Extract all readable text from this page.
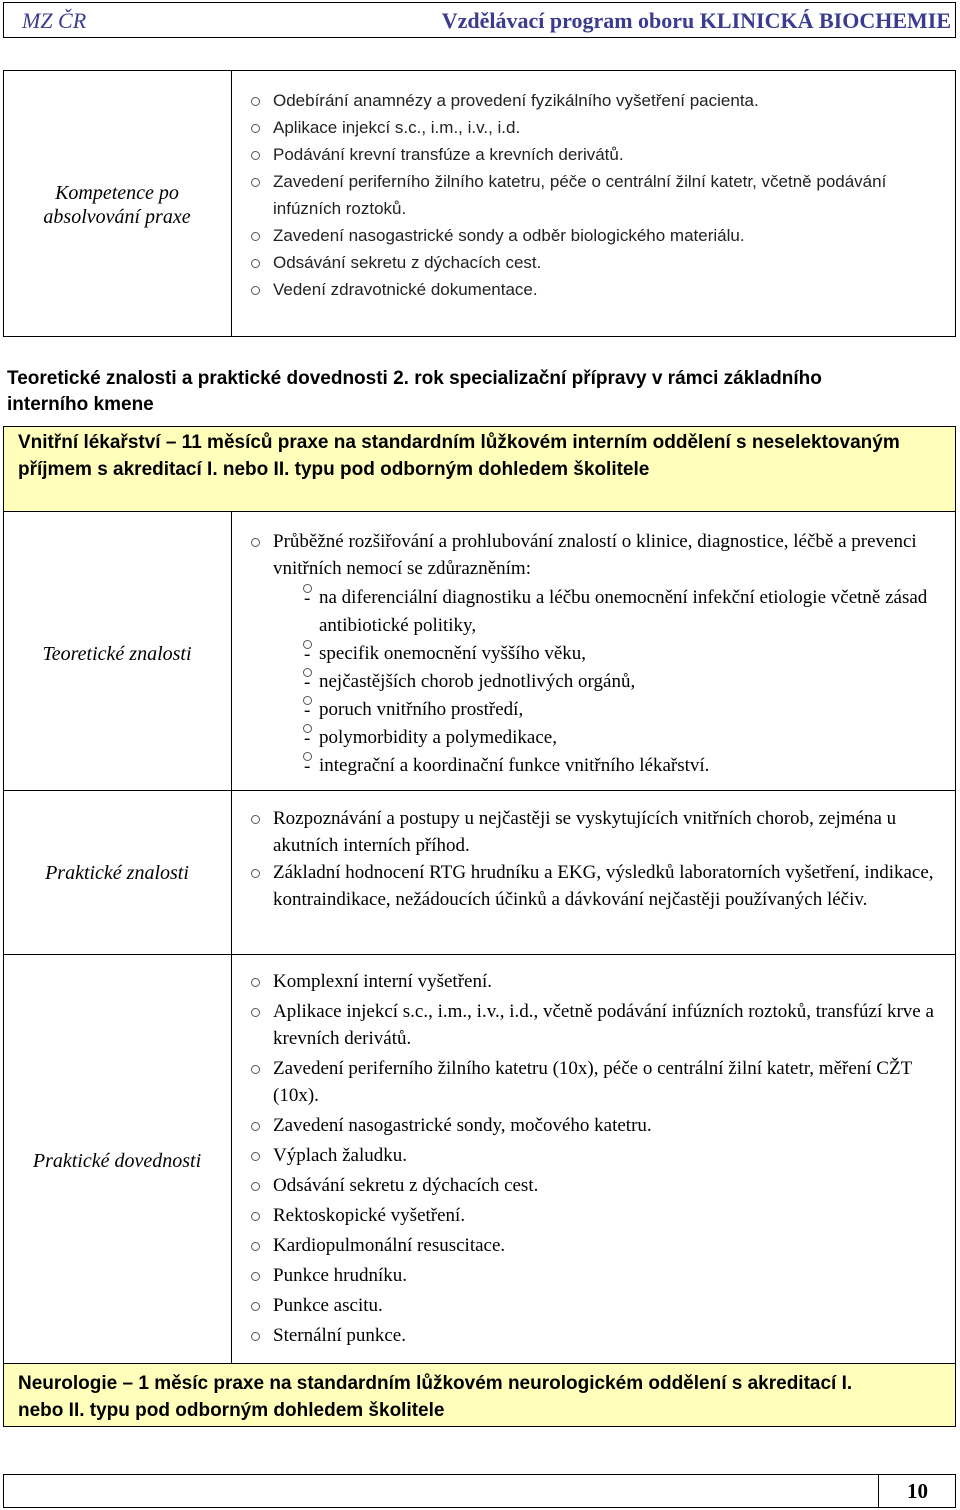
MZ ČR	Vzdělávací program oboru KLINICKÁ BIOCHEMIE
Kompetence po absolvování praxe
Odebírání anamnézy a provedení fyzikálního vyšetření pacienta.
Aplikace injekcí s.c., i.m., i.v., i.d.
Podávání krevní transfúze a krevních derivátů.
Zavedení periferního žilního katetru, péče o centrální žilní katetr, včetně podávání infúzních roztoků.
Zavedení nasogastrické sondy a odběr biologického materiálu.
Odsávání sekretu z dýchacích cest.
Vedení zdravotnické dokumentace.
Teoretické znalosti a praktické dovednosti 2. rok specializační přípravy v rámci základního interního kmene
Vnitřní lékařství – 11 měsíců praxe na standardním lůžkovém interním oddělení s neselektovaným příjmem s akreditací I. nebo II. typu pod odborným dohledem školitele
Teoretické znalosti
Průběžné rozšiřování a prohlubování znalostí o klinice, diagnostice, léčbě a prevenci vnitřních nemocí se zdůrazněním:
- na diferenciální diagnostiku a léčbu onemocnění infekční etiologie včetně zásad antibiotické politiky,
- specifik onemocnění vyššího věku,
- nejčastějších chorob jednotlivých orgánů,
- poruch vnitřního prostředí,
- polymorbidity a polymedikace,
- integrační a koordinační funkce vnitřního lékařství.
Praktické znalosti
Rozpoznávání a postupy u nejčastěji se vyskytujících vnitřních chorob, zejména u akutních interních příhod.
Základní hodnocení RTG hrudníku a EKG, výsledků laboratorních vyšetření, indikace, kontraindikace, nežádoucích účinků a dávkování nejčastěji používaných léčiv.
Praktické dovednosti
Komplexní interní vyšetření.
Aplikace injekcí s.c., i.m., i.v., i.d., včetně podávání infúzních roztoků, transfúzí krve a krevních derivátů.
Zavedení periferního žilního katetru (10x), péče o centrální žilní katetr, měření CŽT (10x).
Zavedení nasogastrické sondy, močového katetru.
Výplach žaludku.
Odsávání sekretu z dýchacích cest.
Rektoskopické vyšetření.
Kardiopulmonální resuscitace.
Punkce hrudníku.
Punkce ascitu.
Sternální punkce.
Neurologie – 1 měsíc praxe na standardním lůžkovém neurologickém oddělení s akreditací I. nebo II. typu pod odborným dohledem školitele
10
